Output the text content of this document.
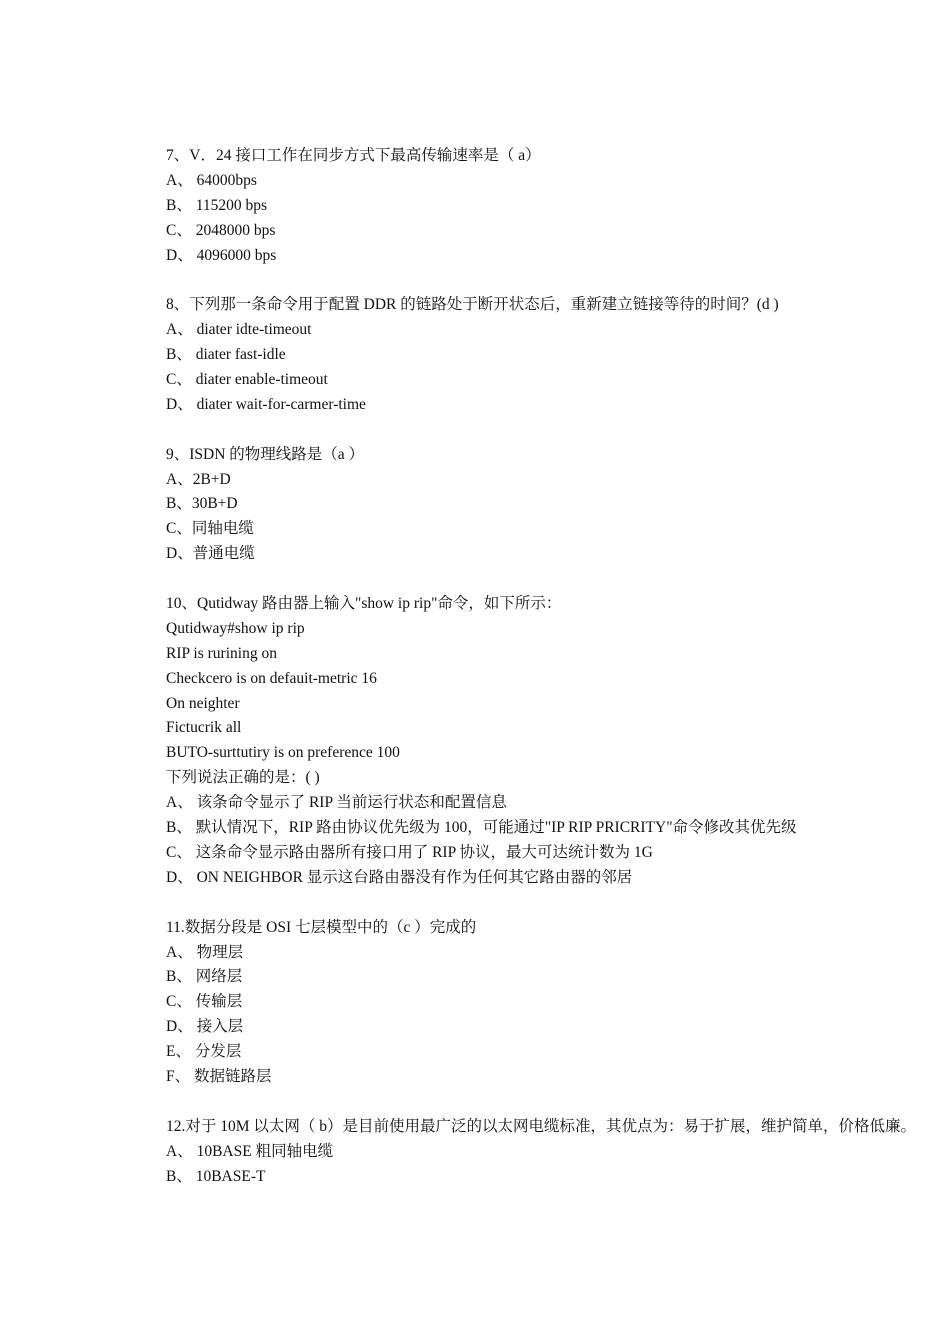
7、V．24 接口工作在同步方式下最高传输速率是（ a）
A、 64000bps
B、 115200 bps
C、 2048000 bps
D、 4096000 bps
8、下列那一条命令用于配置 DDR 的链路处于断开状态后，重新建立链接等待的时间？(d )
A、 diater idte-timeout
B、 diater fast-idle
C、 diater enable-timeout
D、 diater wait-for-carmer-time
9、ISDN 的物理线路是（a ）
A、2B+D
B、30B+D
C、同轴电缆
D、普通电缆
10、Qutidway 路由器上输入"show ip rip"命令，如下所示：
Qutidway#show ip rip
RIP is rurining on
Checkcero is on defauit-metric 16
On neighter
Fictucrik all
BUTO-surttutiry is on preference 100
下列说法正确的是：( )
A、 该条命令显示了 RIP 当前运行状态和配置信息
B、 默认情况下，RIP 路由协议优先级为 100，可能通过"IP RIP PRICRITY"命令修改其优先级
C、 这条命令显示路由器所有接口用了 RIP 协议，最大可达统计数为 1G
D、 ON NEIGHBOR 显示这台路由器没有作为任何其它路由器的邻居
11.数据分段是 OSI 七层模型中的（c ）完成的
A、 物理层
B、 网络层
C、 传输层
D、 接入层
E、 分发层
F、 数据链路层
12.对于 10M 以太网（ b）是目前使用最广泛的以太网电缆标准，其优点为：易于扩展，维护简单，价格低廉。
A、 10BASE 粗同轴电缆
B、 10BASE-T
